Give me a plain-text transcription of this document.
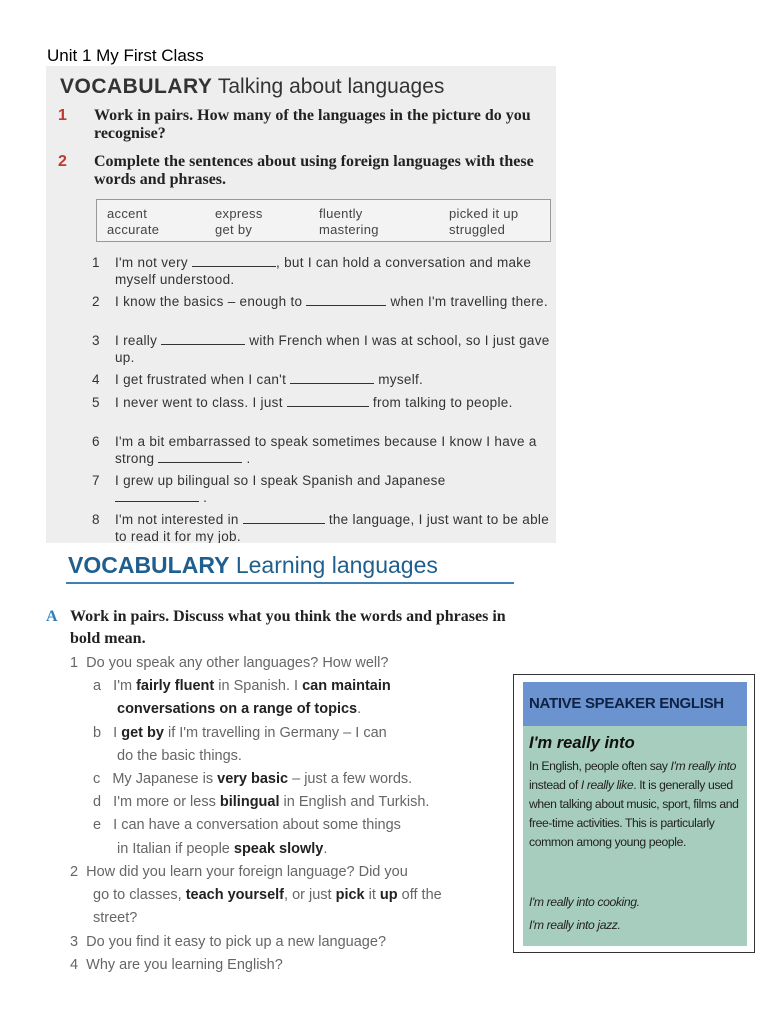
Unit 1 My First Class
VOCABULARY Talking about languages
1 Work in pairs. How many of the languages in the picture do you recognise?
2 Complete the sentences about using foreign languages with these words and phrases.
accent	express	fluently	picked it up
accurate	get by	mastering	struggled
1 I'm not very	, but I can hold a conversation and make myself understood.
2 I know the basics – enough to	when I'm travelling there.
3 I really	with French when I was at school, so I just gave up.
4 I get frustrated when I can't	myself.
5 I never went to class. I just	from talking to people.
6 I'm a bit embarrassed to speak sometimes because I know I have a strong	.
7 I grew up bilingual so I speak Spanish and Japanese
.
8 I'm not interested in	the language, I just want to be able to read it for my job.
VOCABULARY Learning languages
A Work in pairs. Discuss what you think the words and phrases in bold mean.
1 Do you speak any other languages? How well?
a I'm fairly fluent in Spanish. I can maintain
conversations on a range of topics.
b I get by if I'm travelling in Germany – I can
do the basic things.
c My Japanese is very basic – just a few words.
d I'm more or less bilingual in English and Turkish.
e I can have a conversation about some things
in Italian if people speak slowly.
2 How did you learn your foreign language? Did you
go to classes, teach yourself, or just pick it up off the
street?
3 Do you find it easy to pick up a new language?
4 Why are you learning English?
NATIVE SPEAKER ENGLISH
I'm really into
In English, people often say I'm really into instead of I really like. It is generally used when talking about music, sport, films and free-time activities. This is particularly common among young people.
I'm really into cooking.
I'm really into jazz.
